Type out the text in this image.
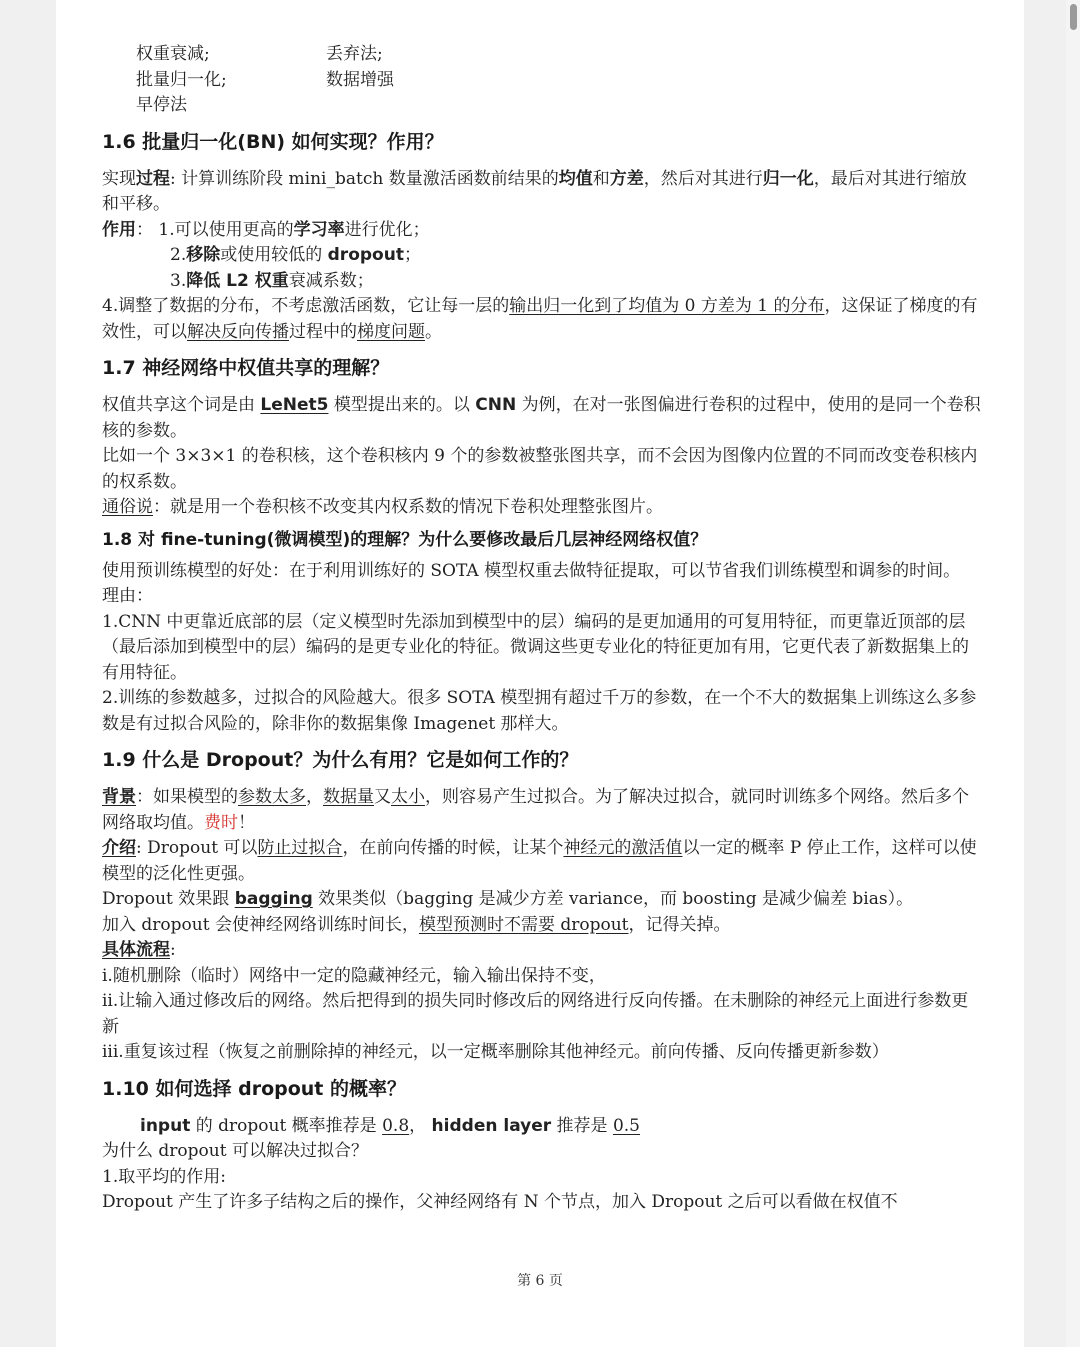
权重衰减;	丢弃法;
批量归一化;	数据增强
早停法
1.6 批量归一化(BN) 如何实现？作用？

实现过程: 计算训练阶段 mini_batch 数量激活函数前结果的均值和方差，然后对其进行归一化，最后对其进行缩放和平移。

作用： 1.可以使用更高的学习率进行优化；

2.移除或使用较低的 dropout；

3.降低 L2 权重衰减系数；

4.调整了数据的分布，不考虑激活函数，它让每一层的输出归一化到了均值为 0 方差为 1 的分布，这保证了梯度的有效性，可以解决反向传播过程中的梯度问题。

1.7 神经网络中权值共享的理解？

权值共享这个词是由 LeNet5 模型提出来的。以 CNN 为例，在对一张图偏进行卷积的过程中，使用的是同一个卷积核的参数。

比如一个 3×3×1 的卷积核，这个卷积核内 9 个的参数被整张图共享，而不会因为图像内位置的不同而改变卷积核内的权系数。

通俗说：就是用一个卷积核不改变其内权系数的情况下卷积处理整张图片。

1.8 对 fine-tuning(微调模型)的理解？为什么要修改最后几层神经网络权值？

使用预训练模型的好处：在于利用训练好的 SOTA 模型权重去做特征提取，可以节省我们训练模型和调参的时间。

理由：

1.CNN 中更靠近底部的层（定义模型时先添加到模型中的层）编码的是更加通用的可复用特征，而更靠近顶部的层（最后添加到模型中的层）编码的是更专业化的特征。微调这些更专业化的特征更加有用，它更代表了新数据集上的有用特征。

2.训练的参数越多，过拟合的风险越大。很多 SOTA 模型拥有超过千万的参数，在一个不大的数据集上训练这么多参数是有过拟合风险的，除非你的数据集像 Imagenet 那样大。

1.9 什么是 Dropout？为什么有用？它是如何工作的？

背景：如果模型的参数太多，数据量又太小，则容易产生过拟合。为了解决过拟合，就同时训练多个网络。然后多个网络取均值。费时！

介绍: Dropout 可以防止过拟合，在前向传播的时候，让某个神经元的激活值以一定的概率 P 停止工作，这样可以使模型的泛化性更强。

Dropout 效果跟 bagging 效果类似（bagging 是减少方差 variance，而 boosting 是减少偏差 bias）。

加入 dropout 会使神经网络训练时间长，模型预测时不需要 dropout，记得关掉。

具体流程:

i.随机删除（临时）网络中一定的隐藏神经元，输入输出保持不变，

ii.让输入通过修改后的网络。然后把得到的损失同时修改后的网络进行反向传播。在未删除的神经元上面进行参数更新

iii.重复该过程（恢复之前删除掉的神经元，以一定概率删除其他神经元。前向传播、反向传播更新参数）

1.10 如何选择 dropout 的概率？

input 的 dropout 概率推荐是 0.8， hidden layer 推荐是 0.5

为什么 dropout 可以解决过拟合？

1.取平均的作用:

Dropout 产生了许多子结构之后的操作，父神经网络有 N 个节点，加入 Dropout 之后可以看做在权值不

第 6 页
